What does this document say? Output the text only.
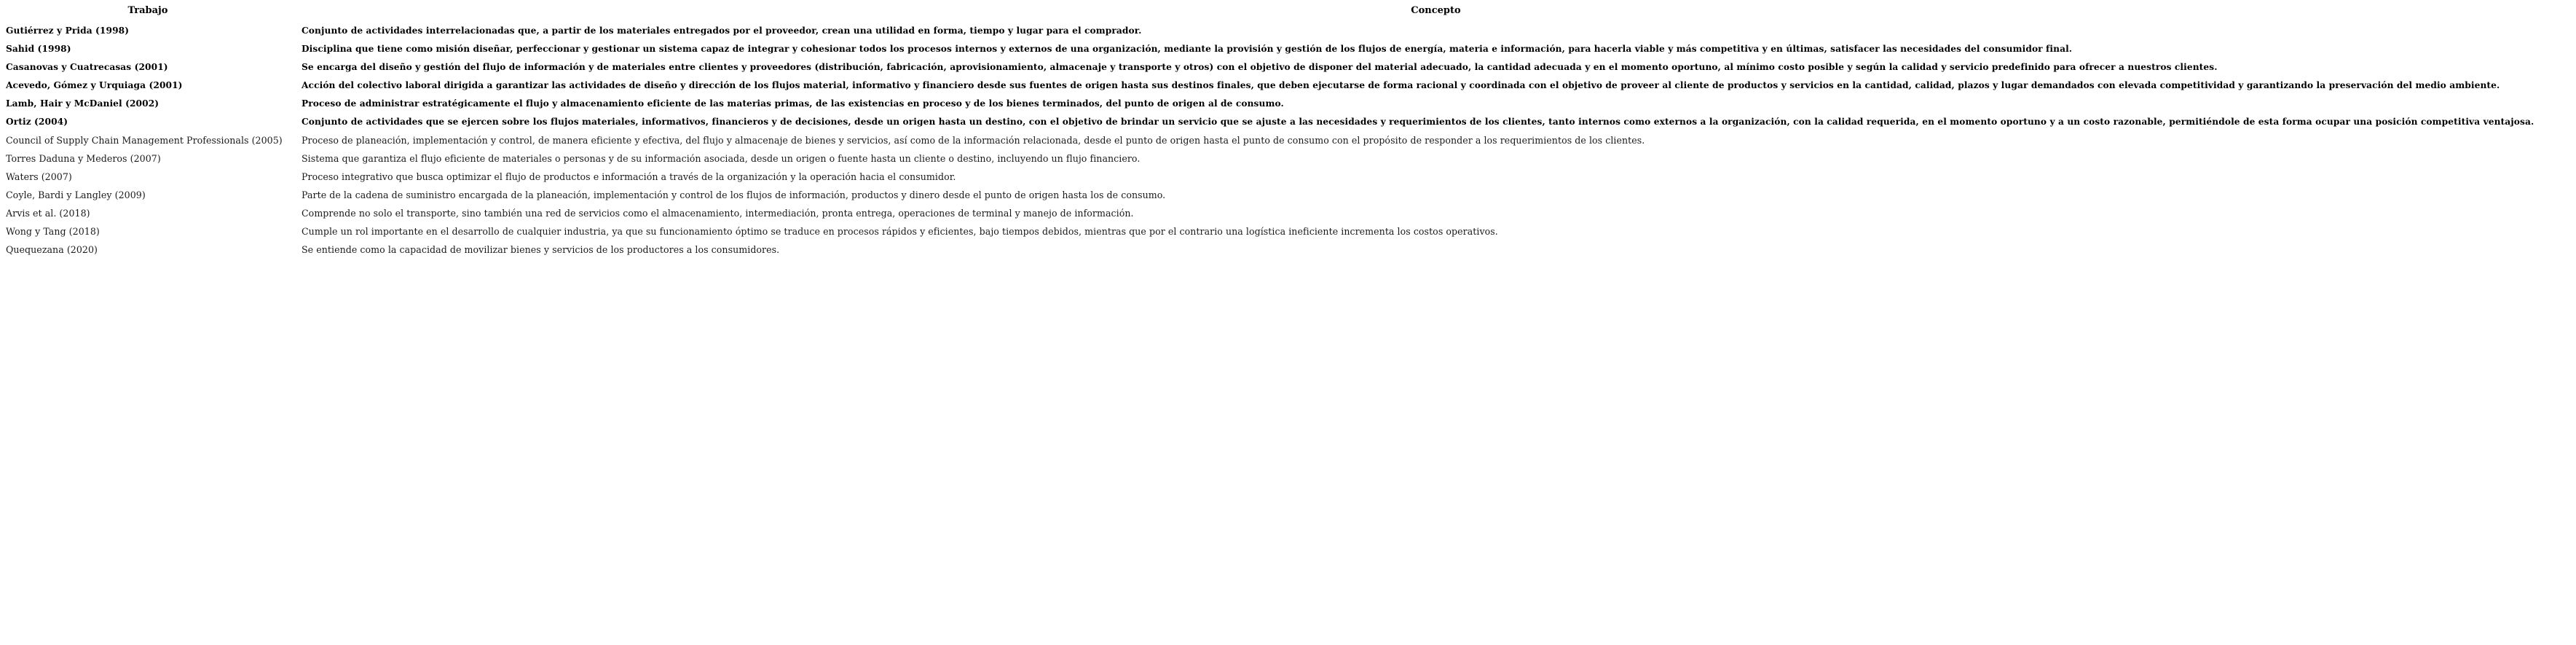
Trabajo	Concepto
Gutiérrez y Prida (1998)	Conjunto de actividades interrelacionadas que, a partir de los materiales entregados por el proveedor, crean una utilidad en forma, tiempo y lugar para el comprador.
Sahid (1998)	Disciplina que tiene como misión diseñar, perfeccionar y gestionar un sistema capaz de integrar y cohesionar todos los procesos internos y externos de una organización, mediante la provisión y gestión de los flujos de energía, materia e información, para hacerla viable y más competitiva y en últimas, satisfacer las necesidades del consumidor final.
Casanovas y Cuatrecasas (2001)	Se encarga del diseño y gestión del flujo de información y de materiales entre clientes y proveedores (distribución, fabricación, aprovisionamiento, almacenaje y transporte y otros) con el objetivo de disponer del material adecuado, la cantidad adecuada y en el momento oportuno, al mínimo costo posible y según la calidad y servicio predefinido para ofrecer a nuestros clientes.
Acevedo, Gómez y Urquiaga (2001)	Acción del colectivo laboral dirigida a garantizar las actividades de diseño y dirección de los flujos material, informativo y financiero desde sus fuentes de origen hasta sus destinos finales, que deben ejecutarse de forma racional y coordinada con el objetivo de proveer al cliente de productos y servicios en la cantidad, calidad, plazos y lugar demandados con elevada competitividad y garantizando la preservación del medio ambiente.
Lamb, Hair y McDaniel (2002)	Proceso de administrar estratégicamente el flujo y almacenamiento eficiente de las materias primas, de las existencias en proceso y de los bienes terminados, del punto de origen al de consumo.
Ortiz (2004)	Conjunto de actividades que se ejercen sobre los flujos materiales, informativos, financieros y de decisiones, desde un origen hasta un destino, con el objetivo de brindar un servicio que se ajuste a las necesidades y requerimientos de los clientes, tanto internos como externos a la organización, con la calidad requerida, en el momento oportuno y a un costo razonable, permitiéndole de esta forma ocupar una posición competitiva ventajosa.
Council of Supply Chain Management Professionals (2005)	Proceso de planeación, implementación y control, de manera eficiente y efectiva, del flujo y almacenaje de bienes y servicios, así como de la información relacionada, desde el punto de origen hasta el punto de consumo con el propósito de responder a los requerimientos de los clientes.
Torres Daduna y Mederos (2007)	Sistema que garantiza el flujo eficiente de materiales o personas y de su información asociada, desde un origen o fuente hasta un cliente o destino, incluyendo un flujo financiero.
Waters (2007)	Proceso integrativo que busca optimizar el flujo de productos e información a través de la organización y la operación hacia el consumidor.
Coyle, Bardi y Langley (2009)	Parte de la cadena de suministro encargada de la planeación, implementación y control de los flujos de información, productos y dinero desde el punto de origen hasta los de consumo.
Arvis et al. (2018)	Comprende no solo el transporte, sino también una red de servicios como el almacenamiento, intermediación, pronta entrega, operaciones de terminal y manejo de información.
Wong y Tang (2018)	Cumple un rol importante en el desarrollo de cualquier industria, ya que su funcionamiento óptimo se traduce en procesos rápidos y eficientes, bajo tiempos debidos, mientras que por el contrario una logística ineficiente incrementa los costos operativos.
Quequezana (2020)	Se entiende como la capacidad de movilizar bienes y servicios de los productores a los consumidores.
